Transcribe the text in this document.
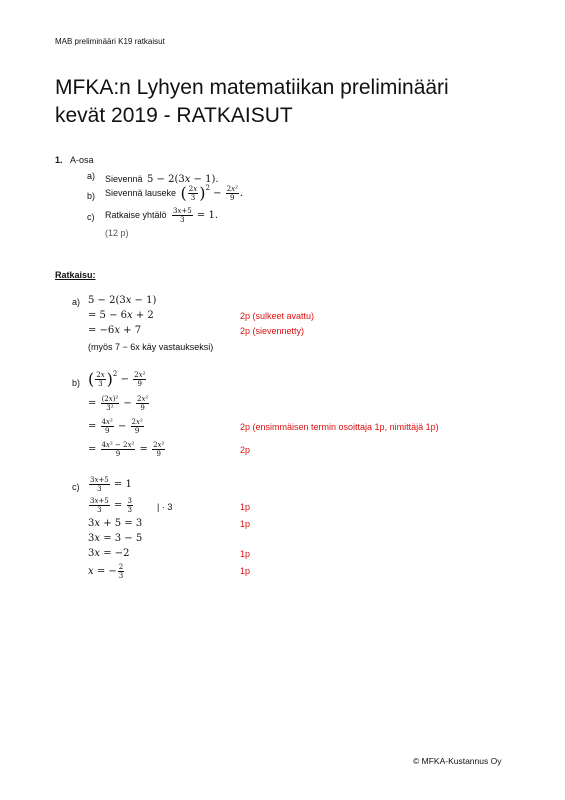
MAB preliminääri K19 ratkaisut
MFKA:n Lyhyen matematiikan preliminääri
kevät 2019 - RATKAISUT
1. A-osa
a) Sievennä 5 − 2(3x − 1).
b) Sievennä lauseke ( $\frac{2x}{3} )^2 - \frac{\text{2x²}}{9}$ .
c) Ratkaise yhtälö $\frac{3x+5}{3} = 1$.
(12 p)
Ratkaisu:
a) 5 − 2(3x − 1)
= 5 − 6x + 2
= −6x + 7
(myös 7 − 6x käy vastaukseksi)
2p (sulkeet avattu)
2p (sievennetty)
b) ( $\frac{2x}{3} )^2 - \frac{\text{2x²}}{9}$
= $\frac{\text{(2x)²}}{\text{3²}} - \frac{\text{2x²}}{9}$
= $\frac{\text{4x²}}{9} - \frac{\text{2x²}}{9}$
= $\frac{\text{4x² − 2x²}}{9} = \frac{\text{2x²}}{9}$
2p (ensimmäisen termin osoittaja 1p, nimittäjä 1p)
2p
$c) \frac{3x+5}{3} = 1$
$\frac{3x+5}{3} = \frac{3}{3}$	| · 3
3x + 5 = 3
3x = 3 − 5
3x = −2
x = − $\frac{2}{3}$
1p
1p
1p
1p
© MFKA-Kustannus Oy
